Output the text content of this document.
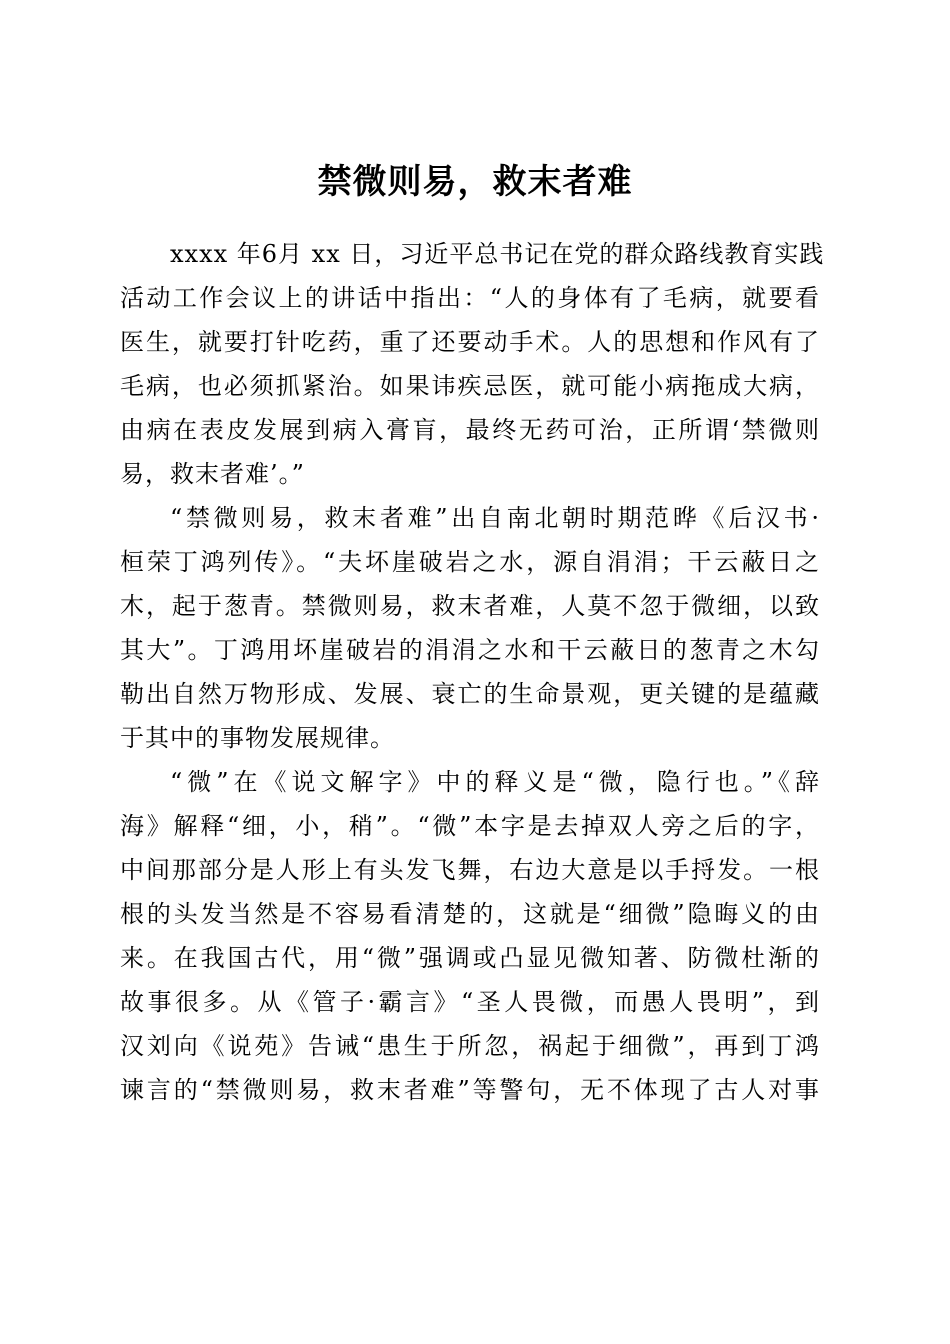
禁微则易，救末者难

xxxx 年6月 xx 日，习近平总书记在党的群众路线教育实践
活动工作会议上的讲话中指出：“人的身体有了毛病，就要看
医生，就要打针吃药，重了还要动手术。人的思想和作风有了
毛病，也必须抓紧治。如果讳疾忌医，就可能小病拖成大病，
由病在表皮发展到病入膏肓，最终无药可治，正所谓‘禁微则
易，救末者难’。”

“禁微则易，救末者难”出自南北朝时期范晔《后汉书·
桓荣丁鸿列传》。“夫坏崖破岩之水，源自涓涓；干云蔽日之
木，起于葱青。禁微则易，救末者难，人莫不忽于微细，以致
其大”。丁鸿用坏崖破岩的涓涓之水和干云蔽日的葱青之木勾
勒出自然万物形成、发展、衰亡的生命景观，更关键的是蕴藏
于其中的事物发展规律。

“微”在《说文解字》中的释义是“微，隐行也。”《辞
海》解释“细，小，稍”。“微”本字是去掉双人旁之后的字，
中间那部分是人形上有头发飞舞，右边大意是以手捋发。一根
根的头发当然是不容易看清楚的，这就是“细微”隐晦义的由
来。在我国古代，用“微”强调或凸显见微知著、防微杜渐的
故事很多。从《管子·霸言》“圣人畏微，而愚人畏明”，到
汉刘向《说苑》告诫“患生于所忽，祸起于细微”，再到丁鸿
谏言的“禁微则易，救末者难”等警句，无不体现了古人对事
